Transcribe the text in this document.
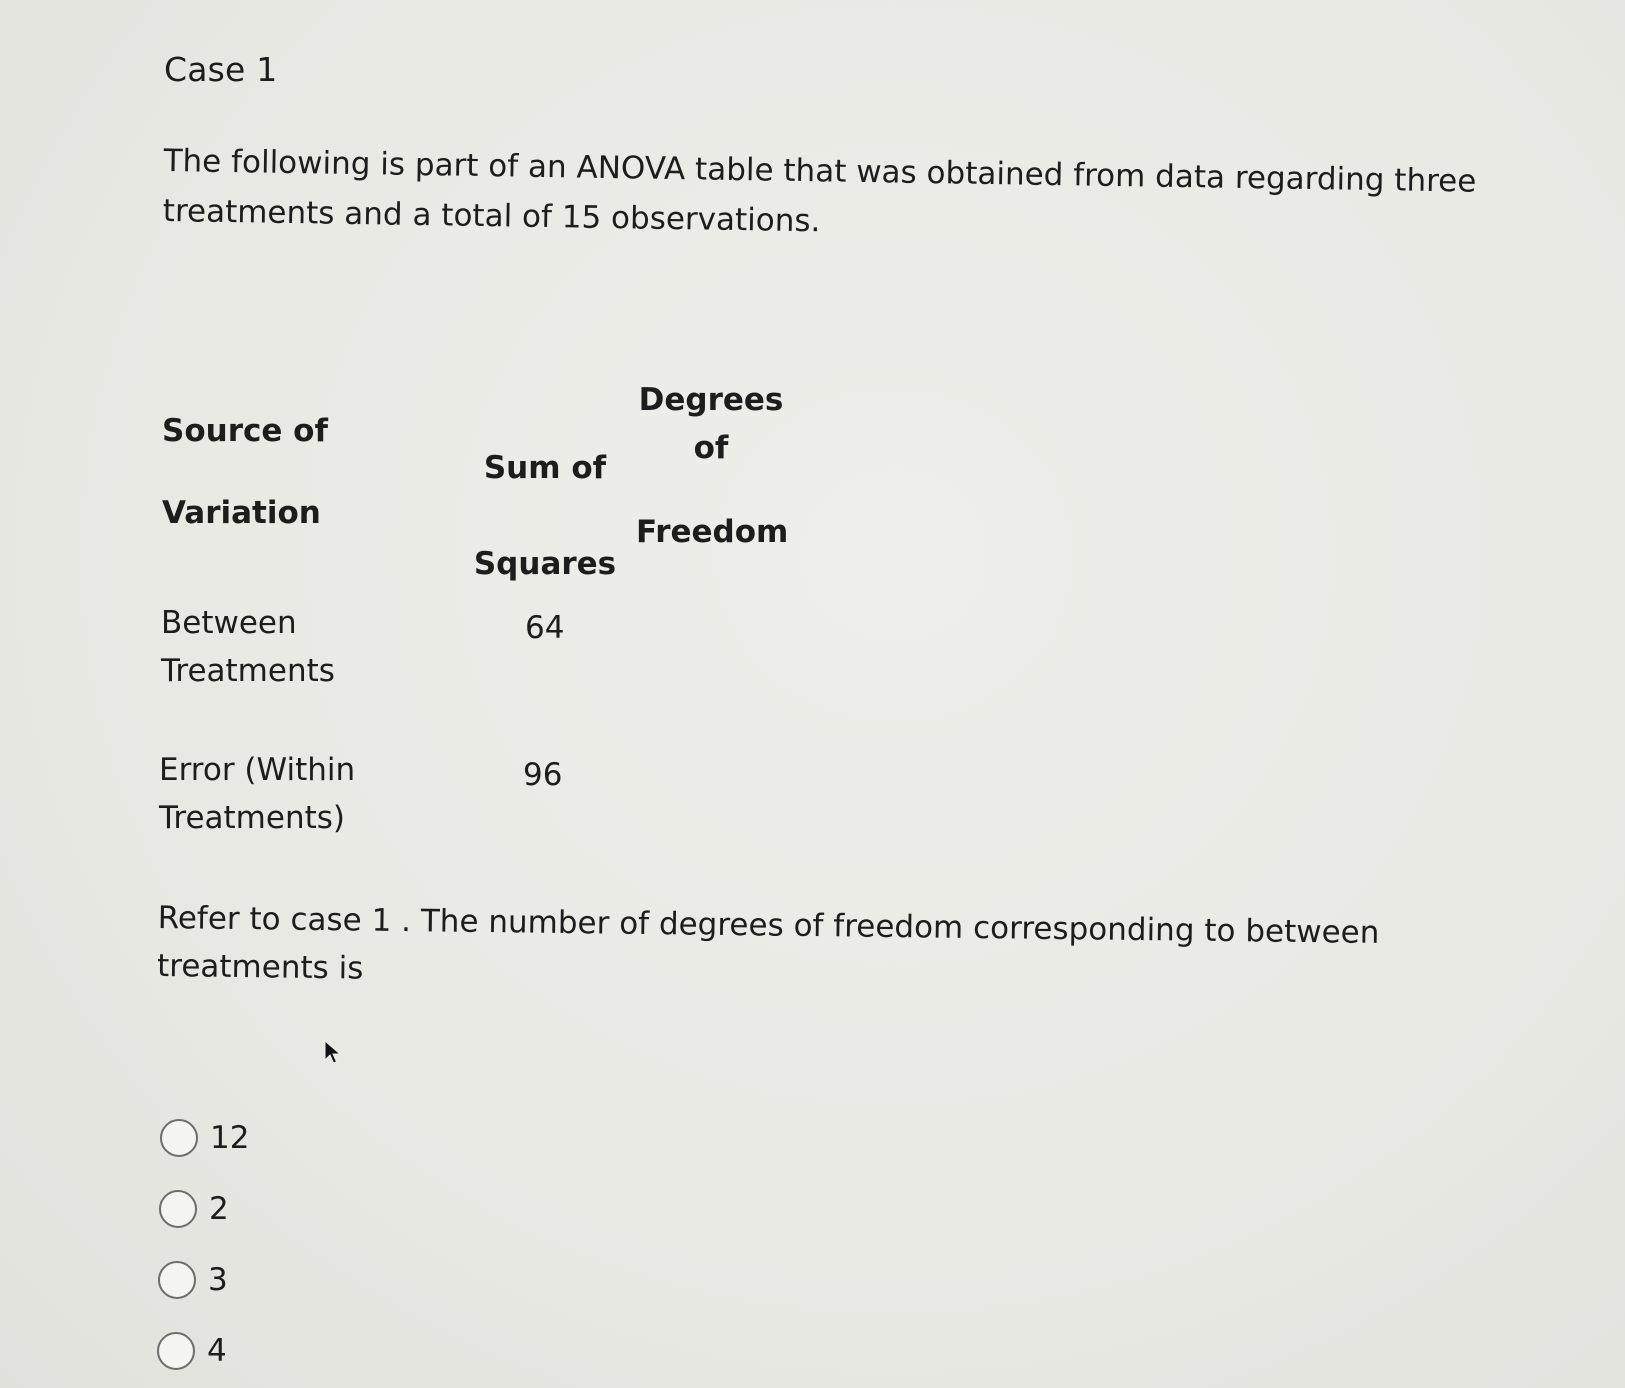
Case 1
The following is part of an ANOVA table that was obtained from data regarding three treatments and a total of 15 observations.
Source of
Variation
Sum of
Squares
Degrees
of
Freedom
Between
Treatments
64
Error (Within
Treatments)
96
Refer to case 1 . The number of degrees of freedom corresponding to between treatments is
12
2
3
4
